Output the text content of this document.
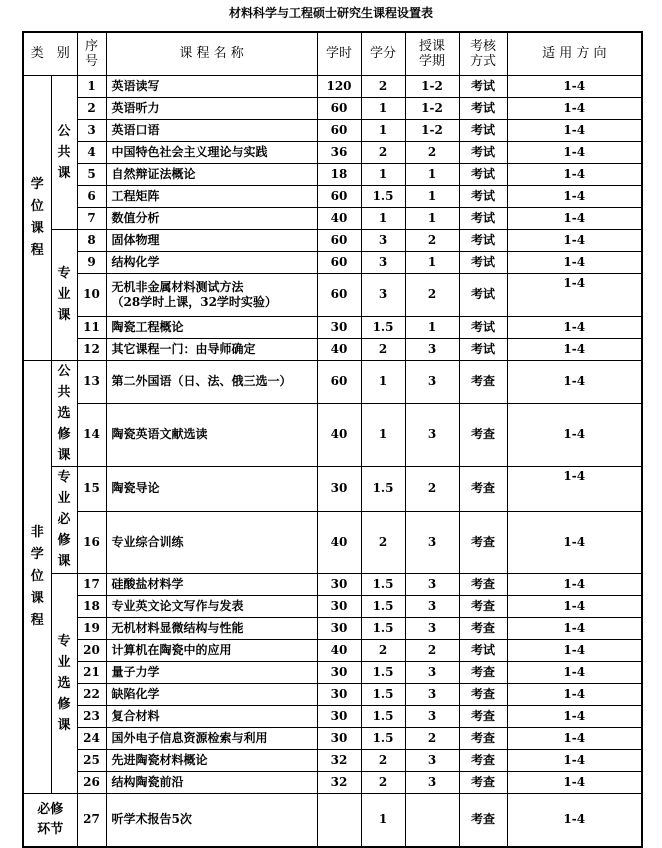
材料科学与工程硕士研究生课程设置表
类　别		序号	课 程 名 称	学时	学分	授课学期	考核方式	适 用 方 向
学位课程	公共课	1	英语读写	120	2	1-2	考试	1-4
		2	英语听力	60	1	1-2	考试	1-4
		3	英语口语	60	1	1-2	考试	1-4
		4	中国特色社会主义理论与实践	36	2	2	考试	1-4
		5	自然辩证法概论	18	1	1	考试	1-4
		6	工程矩阵	60	1.5	1	考试	1-4
		7	数值分析	40	1	1	考试	1-4
	专业课	8	固体物理	60	3	2	考试	1-4
		9	结构化学	60	3	1	考试	1-4
		10	无机非金属材料测试方法
（28学时上课，32学时实验）	60	3	2	考试	1-4
		11	陶瓷工程概论	30	1.5	1	考试	1-4
		12	其它课程一门：由导师确定	40	2	3	考试	1-4
非学位课程	公共选修课	13	第二外国语（日、法、俄三选一）	60	1	3	考查	1-4
		14	陶瓷英语文献选读	40	1	3	考查	1-4
	专业必修课	15	陶瓷导论	30	1.5	2	考查	1-4
		16	专业综合训练	40	2	3	考查	1-4
	专业选修课	17	硅酸盐材料学	30	1.5	3	考查	1-4
		18	专业英文论文写作与发表	30	1.5	3	考查	1-4
		19	无机材料显微结构与性能	30	1.5	3	考查	1-4
		20	计算机在陶瓷中的应用	40	2	2	考试	1-4
		21	量子力学	30	1.5	3	考查	1-4
		22	缺陷化学	30	1.5	3	考查	1-4
		23	复合材料	30	1.5	3	考查	1-4
		24	国外电子信息资源检索与利用	30	1.5	2	考查	1-4
		25	先进陶瓷材料概论	32	2	3	考查	1-4
		26	结构陶瓷前沿	32	2	3	考查	1-4
必修环节		27	听学术报告5次		1		考查	1-4
